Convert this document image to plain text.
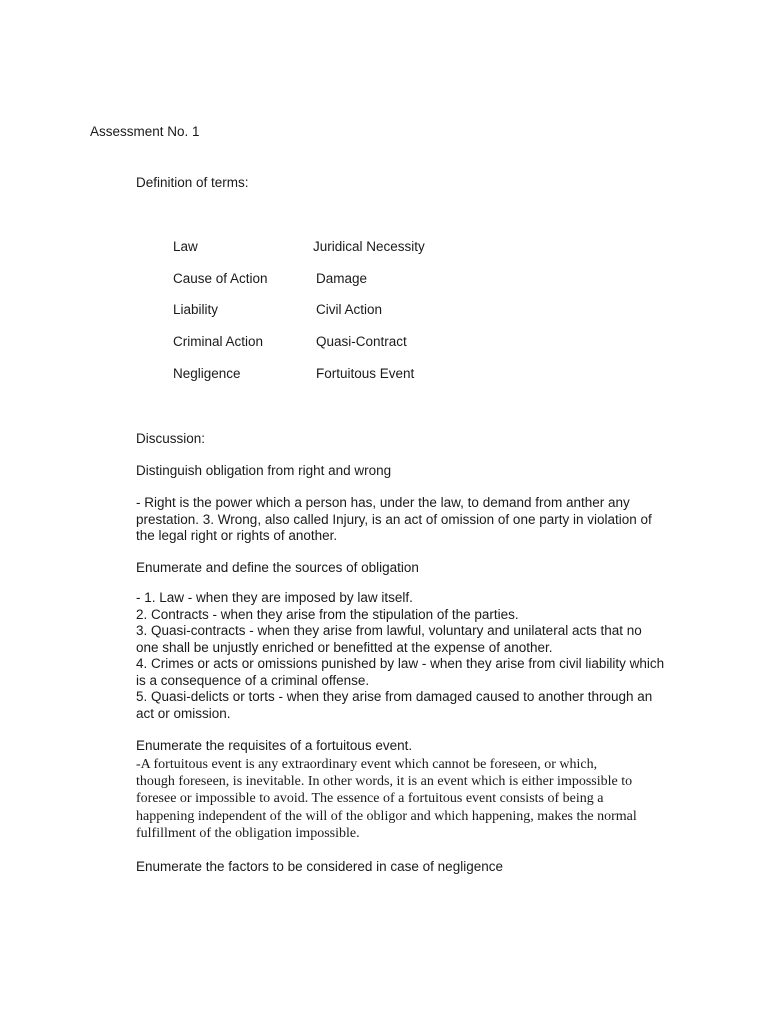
Assessment No. 1

Definition of terms:

Law	Juridical Necessity
Cause of Action	Damage
Liability	Civil Action
Criminal Action	Quasi-Contract
Negligence	Fortuitous Event

Discussion:

Distinguish obligation from right and wrong

- Right is the power which a person has, under the law, to demand from anther any
prestation. 3. Wrong, also called Injury, is an act of omission of one party in violation of
the legal right or rights of another.

Enumerate and define the sources of obligation

- 1. Law - when they are imposed by law itself.
2. Contracts - when they arise from the stipulation of the parties.
3. Quasi-contracts - when they arise from lawful, voluntary and unilateral acts that no
one shall be unjustly enriched or benefitted at the expense of another.
4. Crimes or acts or omissions punished by law - when they arise from civil liability which
is a consequence of a criminal offense.
5. Quasi-delicts or torts - when they arise from damaged caused to another through an
act or omission.

Enumerate the requisites of a fortuitous event.

-A fortuitous event is any extraordinary event which cannot be foreseen, or which,
though foreseen, is inevitable. In other words, it is an event which is either impossible to
foresee or impossible to avoid. The essence of a fortuitous event consists of being a
happening independent of the will of the obligor and which happening, makes the normal
fulfillment of the obligation impossible.

Enumerate the factors to be considered in case of negligence
